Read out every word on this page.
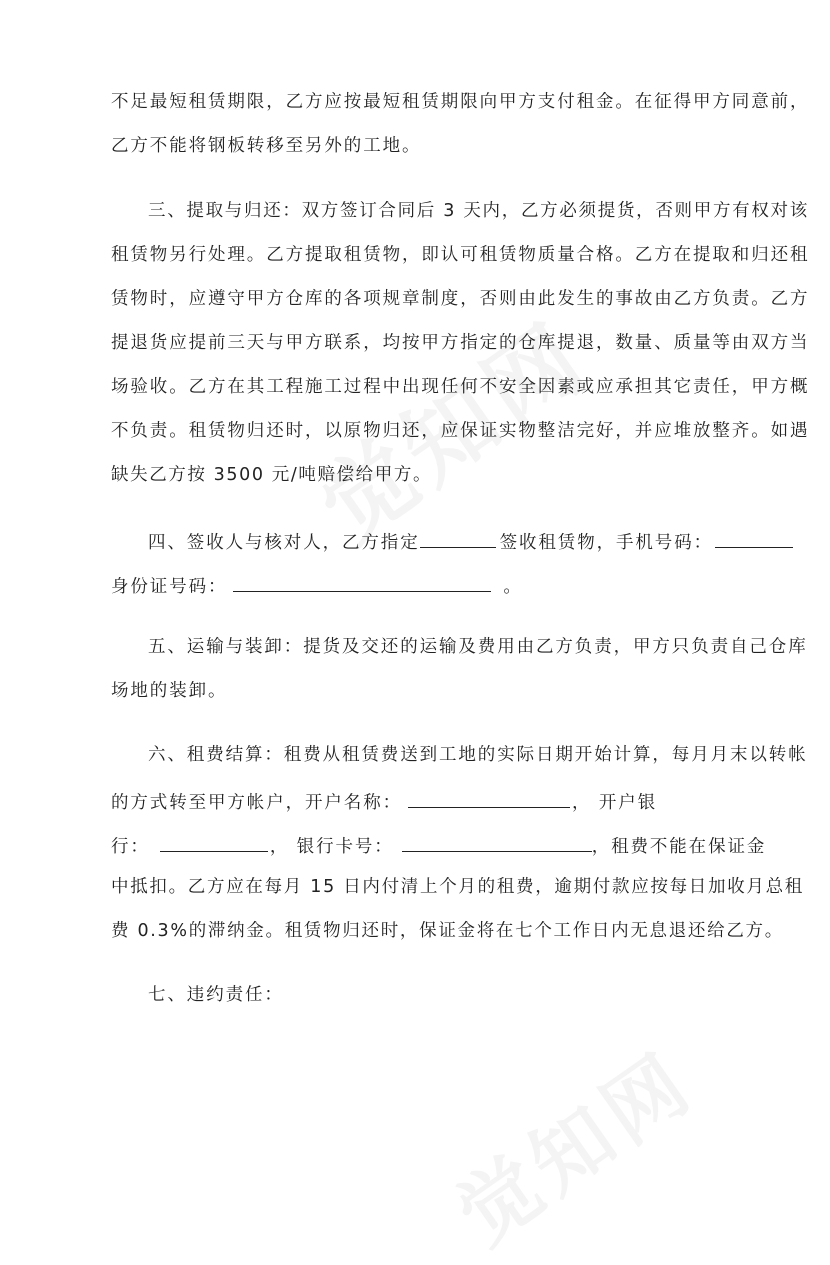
不足最短租赁期限，乙方应按最短租赁期限向甲方支付租金。在征得甲方同意前，
乙方不能将钢板转移至另外的工地。
三、提取与归还：双方签订合同后 3 天内，乙方必须提货，否则甲方有权对该
租赁物另行处理。乙方提取租赁物，即认可租赁物质量合格。乙方在提取和归还租
赁物时，应遵守甲方仓库的各项规章制度，否则由此发生的事故由乙方负责。乙方
提退货应提前三天与甲方联系，均按甲方指定的仓库提退，数量、质量等由双方当
场验收。乙方在其工程施工过程中出现任何不安全因素或应承担其它责任，甲方概
不负责。租赁物归还时，以原物归还，应保证实物整洁完好，并应堆放整齐。如遇
缺失乙方按 3500 元/吨赔偿给甲方。
四、签收人与核对人，乙方指定	签收租赁物，手机号码：
身份证号码：	。
五、运输与装卸：提货及交还的运输及费用由乙方负责，甲方只负责自己仓库
场地的装卸。
六、租费结算：租费从租赁费送到工地的实际日期开始计算，每月月末以转帐
的方式转至甲方帐户，开户名称：	， 开户银
行：	， 银行卡号：	，租费不能在保证金
中抵扣。乙方应在每月 15 日内付清上个月的租费，逾期付款应按每日加收月总租
费 0.3%的滞纳金。租赁物归还时，保证金将在七个工作日内无息退还给乙方。
七、违约责任：
